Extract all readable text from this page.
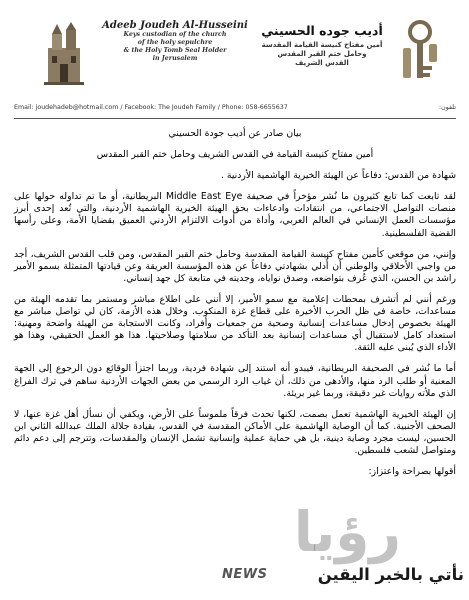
Adeeb Joudeh Al-Husseini
Keys custodian of the church
of the holy sepulchre
& the Holy Tomb Seal Holder
in Jerusalem
أديب جوده الحسيني
أمين مفتاح كنيسة القيامة المقدسة
وحامل ختم القبر المقدس
القدس الشريف
Email: joudehadeb@hotmail.com / Facebook: The Joudeh Family / Phone: 058-6655637	تلفون:

بيان صادر عن أديب جودة الحسيني

أمين مفتاح كنيسة القيامة في القدس الشريف وحامل ختم القبر المقدس

شهادة من القدس: دفاعاً عن الهيئة الخيرية الهاشمية الأردنية .

لقد تابعت كما تابع كثيرون ما نُشر مؤخراً في صحيفة Middle East Eye البريطانية، أو ما تم تداوله حولها على منصات التواصل الاجتماعي، من انتقادات وادعاءات بحق الهيئة الخيرية الهاشمية الأردنية، والتي تُعد إحدى أبرز مؤسسات العمل الإنساني في العالم العربي، وأداة من أدوات الالتزام الأردني العميق بقضايا الأمة، وعلى رأسها القضية الفلسطينية.

وإنني، من موقعي كأمين مفتاح كنيسة القيامة المقدسة وحامل ختم القبر المقدس، ومن قلب القدس الشريف، أجد من واجبي الأخلاقي والوطني أن أُدلي بشهادتي دفاعاً عن هذه المؤسسة العريقة وعن قيادتها المتمثلة بسمو الأمير راشد بن الحسن، الذي عُرف بتواضعه، وصدق نواياه، وجديته في متابعة كل جهد إنساني.

ورغم أنني لم أتشرف بمحطات إعلامية مع سمو الأمير، إلا أنني على اطلاع مباشر ومستمر بما تقدمه الهيئة من مساعدات، خاصة في ظل الحرب الأخيرة على قطاع غزة المنكوب. وخلال هذه الأزمة، كان لي تواصل مباشر مع الهيئة بخصوص إدخال مساعدات إنسانية وصحية من جمعيات وأفراد، وكانت الاستجابة من الهيئة واضحة ومهنية: استعداد كامل لاستقبال أي مساعدات إنسانية بعد التأكد من سلامتها وصلاحيتها. هذا هو العمل الحقيقي، وهذا هو الأداء الذي يُبنى عليه الثقة.

أما ما نُشر في الصحيفة البريطانية، فيبدو أنه استند إلى شهادة فردية، وربما اجتزأ الوقائع دون الرجوع إلى الجهة المعنية أو طلب الرد منها، والأدهى من ذلك، أن غياب الرد الرسمي من بعض الجهات الأردنية ساهم في ترك الفراغ الذي ملأته روايات غير دقيقة، وربما غير بريئة.

إن الهيئة الخيرية الهاشمية تعمل بصمت، لكنها تحدث فرقاً ملموساً على الأرض، ويكفي أن نسأل أهل غزة عنها، لا الصحف الأجنبية. كما أن الوصاية الهاشمية على الأماكن المقدسة في القدس، بقيادة جلالة الملك عبدالله الثاني ابن الحسين، ليست مجرد وصاية دينية، بل هي حماية عملية وإنسانية تشمل الإنسان والمقدسات، وتترجم إلى دعم دائم ومتواصل لشعب فلسطين.

أقولها بصراحة واعتزاز:

رؤيا
NEWS	نأتي بالخبر اليقين
